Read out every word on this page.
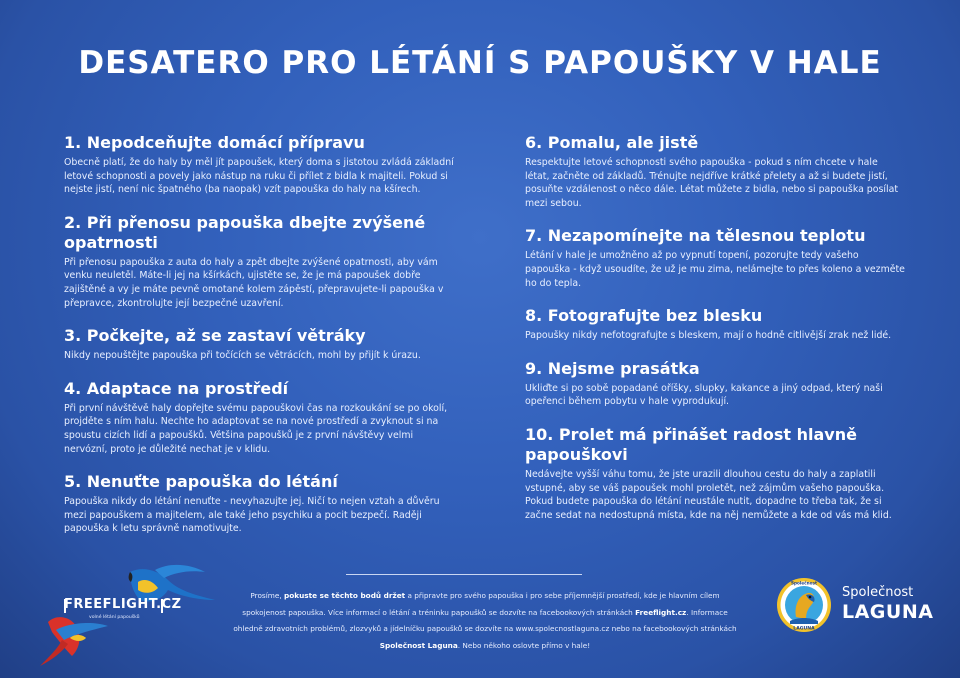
DESATERO PRO LÉTÁNÍ S PAPOUŠKY V HALE
1. Nepodceňujte domácí přípravu

Obecně platí, že do haly by měl jít papoušek, který doma s jistotou zvládá základní letové schopnosti a povely jako nástup na ruku či přílet z bidla k majiteli. Pokud si nejste jistí, není nic špatného (ba naopak) vzít papouška do haly na kšírech.

2. Při přenosu papouška dbejte zvýšené opatrnosti

Při přenosu papouška z auta do haly a zpět dbejte zvýšené opatrnosti, aby vám venku neuletěl. Máte-li jej na kšírkách, ujistěte se, že je má papoušek dobře zajištěné a vy je máte pevně omotané kolem zápěstí, přepravujete-li papouška v přepravce, zkontrolujte její bezpečné uzavření.

3. Počkejte, až se zastaví větráky

Nikdy nepouštějte papouška při točících se větrácích, mohl by přijít k úrazu.

4. Adaptace na prostředí

Při první návštěvě haly dopřejte svému papouškovi čas na rozkoukání se po okolí, projděte s ním halu. Nechte ho adaptovat se na nové prostředí a zvyknout si na spoustu cizích lidí a papoušků. Většina papoušků je z první návštěvy velmi nervózní, proto je důležité nechat je v klidu.

5. Nenuťte papouška do létání

Papouška nikdy do létání nenuťte - nevyhazujte jej. Ničí to nejen vztah a důvěru mezi papouškem a majitelem, ale také jeho psychiku a pocit bezpečí. Raději papouška k letu správně namotivujte.

6. Pomalu, ale jistě

Respektujte letové schopnosti svého papouška - pokud s ním chcete v hale létat, začněte od základů. Trénujte nejdříve krátké přelety a až si budete jistí, posuňte vzdálenost o něco dále. Létat můžete z bidla, nebo si papouška posílat mezi sebou.

7. Nezapomínejte na tělesnou teplotu

Létání v hale je umožněno až po vypnutí topení, pozorujte tedy vašeho papouška - když usoudíte, že už je mu zima, nelámejte to přes koleno a vezměte ho do tepla.

8. Fotografujte bez blesku

Papoušky nikdy nefotografujte s bleskem, mají o hodně citlivější zrak než lidé.

9. Nejsme prasátka

Ukliďte si po sobě popadané oříšky, slupky, kakance a jiný odpad, který naši opeřenci během pobytu v hale vyprodukují.

10. Prolet má přinášet radost hlavně papouškovi

Nedávejte vyšší váhu tomu, že jste urazili dlouhou cestu do haly a zaplatili vstupné, aby se váš papoušek mohl proletět, než zájmům vašeho papouška. Pokud budete papouška do létání neustále nutit, dopadne to třeba tak, že si začne sedat na nedostupná místa, kde na něj nemůžete a kde od vás má klid.

Prosíme, pokuste se těchto bodů držet a připravte pro svého papouška i pro sebe příjemnější prostředí, kde je hlavním cílem spokojenost papouška. Více informací o létání a tréninku papoušků se dozvíte na facebookových stránkách Freeflight.cz. Informace ohledně zdravotních problémů, zlozvyků a jídelníčku papoušků se dozvíte na www.spolecnostlaguna.cz nebo na facebookových stránkách Společnost Laguna. Nebo někoho oslovte přímo v hale!

FREEFLIGHT.CZ
volné létání papoušků
Společnost
LAGUNA
Společnost
LAGUNA
